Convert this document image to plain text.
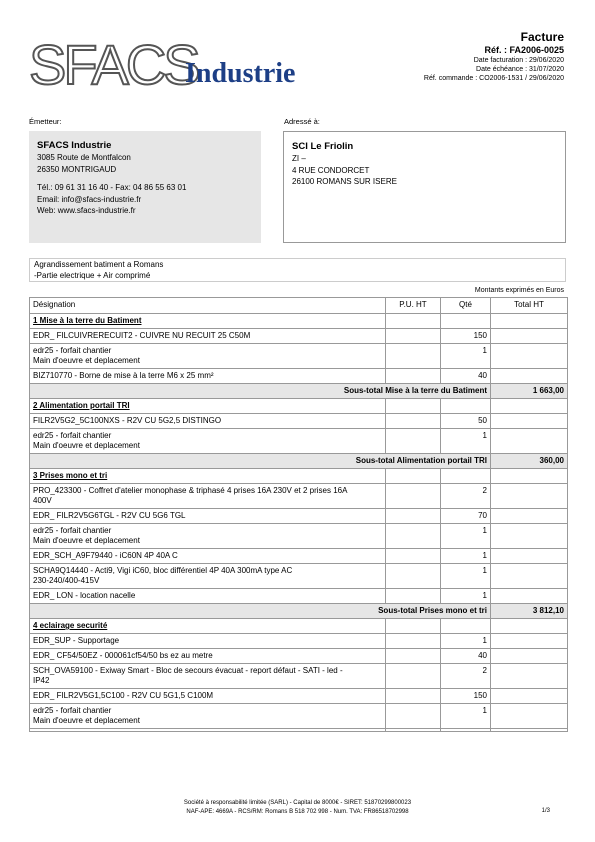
SFACS
Industrie
Facture
Réf. : FA2006-0025
Date facturation : 29/06/2020
Date échéance : 31/07/2020
Réf. commande : CO2006-1531 / 29/06/2020
Émetteur:	Adressé à:
SFACS Industrie
3085 Route de Montfalcon
26350 MONTRIGAUD
Tél.: 09 61 31 16 40 - Fax: 04 86 55 63 01
Email: info@sfacs-industrie.fr
Web: www.sfacs-industrie.fr
SCI Le Friolin
ZI –
4 RUE CONDORCET
26100 ROMANS SUR ISERE
Agrandissement batiment a Romans
-Partie electrique + Air comprimé
Montants exprimés en Euros
Désignation	P.U. HT	Qté	Total HT
1 Mise à la terre du Batiment			

EDR_ FILCUIVRERECUIT2 - CUIVRE NU RECUIT 25 C50M		150	

edr25 - forfait chantier
Main d'oeuvre et deplacement		1	

BIZ710770 - Borne de mise à la terre M6 x 25 mm²		40	
Sous-total Mise à la terre du Batiment			1 663,00
2 Alimentation portail TRI			

FILR2V5G2_5C100NXS - R2V CU 5G2,5 DISTINGO		50	

edr25 - forfait chantier
Main d'oeuvre et deplacement		1	
Sous-total Alimentation portail TRI			360,00
3 Prises mono et tri			

PRO_423300 - Coffret d'atelier monophase & triphasé 4 prises 16A 230V et 2 prises 16A
400V		2	

EDR_ FILR2V5G6TGL - R2V CU 5G6 TGL		70	

edr25 - forfait chantier
Main d'oeuvre et deplacement		1	

EDR_SCH_A9F79440 - iC60N 4P 40A C		1	

SCHA9Q14440 - Acti9, Vigi iC60, bloc différentiel 4P 40A 300mA type AC
230-240/400-415V		1	

EDR_ LON - location nacelle		1	
Sous-total Prises mono et tri			3 812,10
4 eclairage securité			

EDR_SUP - Supportage		1	

EDR_ CF54/50EZ - 000061cf54/50 bs ez au metre		40	

SCH_OVA59100 - Exiway Smart - Bloc de secours évacuat - report défaut - SATI - led -
IP42		2	

EDR_ FILR2V5G1,5C100 - R2V CU 5G1,5 C100M		150	

edr25 - forfait chantier
Main d'oeuvre et deplacement		1	

Société à responsabilité limitée (SARL) - Capital de 8000€ - SIRET: 51870299800023
NAF-APE: 4669A - RCS/RM: Romans B 518 702 998 - Num. TVA: FR86518702998	1/3
